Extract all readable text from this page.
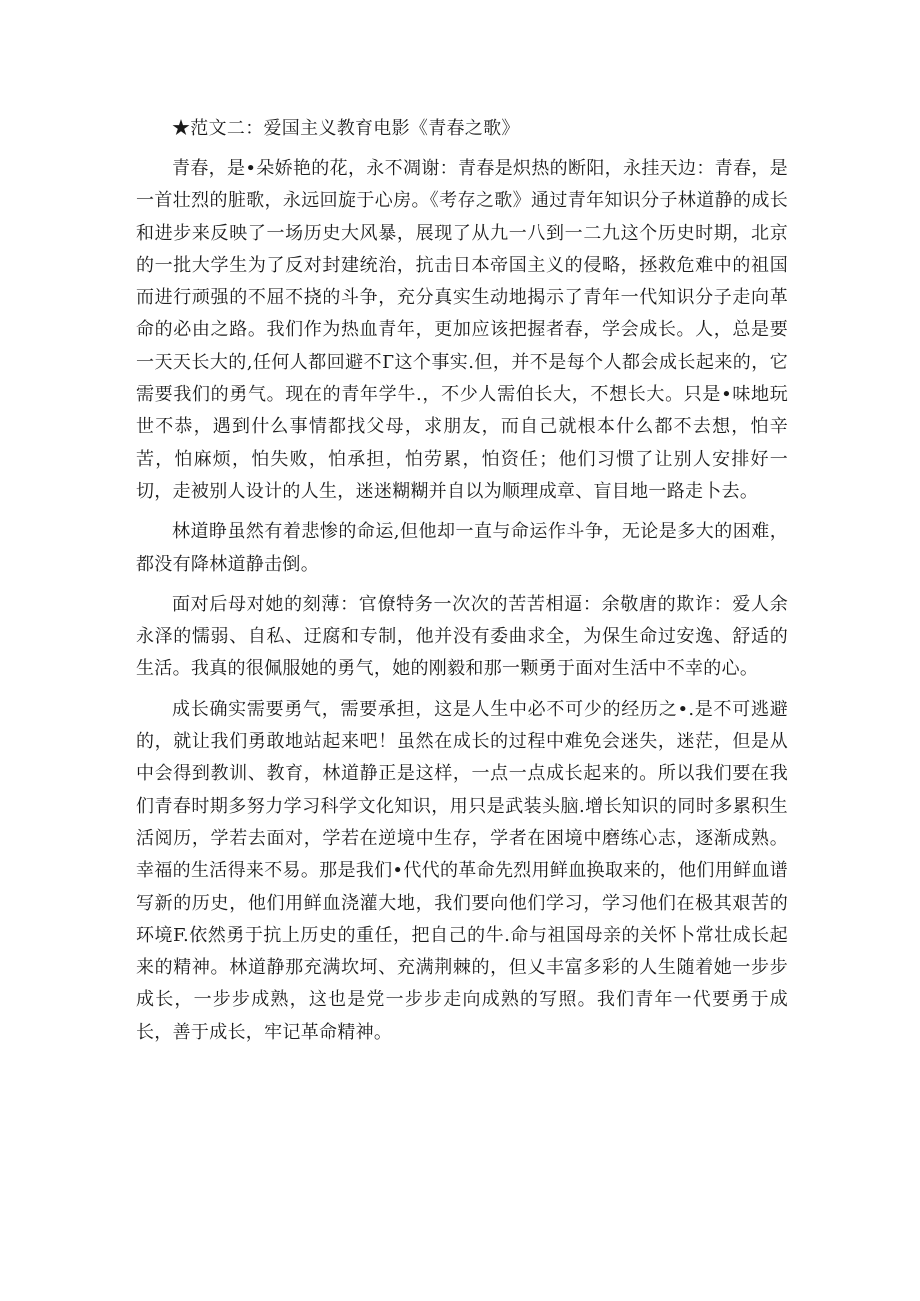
★范文二：爱国主义教育电影《青春之歌》

青春，是•朵娇艳的花，永不凋谢：青春是炽热的断阳，永挂天边：青春，是一首壮烈的脏歌，永远回旋于心房。《考存之歌》通过青年知识分子林道静的成长和进步来反映了一场历史大风暴，展现了从九一八到一二九这个历史时期，北京的一批大学生为了反对封建统治，抗击日本帝国主义的侵略，拯救危难中的祖国而进行顽强的不屈不挠的斗争，充分真实生动地揭示了青年一代知识分子走向革命的必由之路。我们作为热血青年，更加应该把握者春，学会成长。人，总是要一天天长大的,任何人都回避不Г这个事实.但，并不是每个人都会成长起来的，它需要我们的勇气。现在的青年学牛.，不少人需伯长大，不想长大。只是•味地玩世不恭，遇到什么事情都找父母，求朋友，而自己就根本什么都不去想，怕辛苦，怕麻烦，怕失败，怕承担，怕劳累，怕资任；他们习惯了让别人安排好一切，走被别人设计的人生，迷迷糊糊并自以为顺理成章、盲目地一路走卜去。

林道睁虽然有着悲惨的命运,但他却一直与命运作斗争，无论是多大的困难，都没有降林道静击倒。

面对后母对她的刻薄：官僚特务一次次的苦苦相逼：余敬唐的欺诈：爱人余永泽的懦弱、自私、迂腐和专制，他并没有委曲求全，为保生命过安逸、舒适的生活。我真的很佩服她的勇气，她的刚毅和那一颗勇于面对生活中不幸的心。

成长确实需要勇气，需要承担，这是人生中必不可少的经历之•.是不可逃避的，就让我们勇敢地站起来吧！虽然在成长的过程中难免会迷失，迷茫，但是从中会得到教训、教育，林道静正是这样，一点一点成长起来的。所以我们要在我们青春时期多努力学习科学文化知识，用只是武装头脑.增长知识的同时多累积生活阅历，学若去面对，学若在逆境中生存，学者在困境中磨练心志，逐渐成熟。幸福的生活得来不易。那是我们•代代的革命先烈用鲜血换取来的，他们用鲜血谱写新的历史，他们用鲜血浇灌大地，我们要向他们学习，学习他们在极其艰苦的环境F.依然勇于抗上历史的重任，把自己的牛.命与祖国母亲的关怀卜常壮成长起来的精神。林道静那充满坎坷、充满荆棘的，但乂丰富多彩的人生随着她一步步成长，一步步成熟，这也是党一步步走向成熟的写照。我们青年一代要勇于成长，善于成长，牢记革命精神。
